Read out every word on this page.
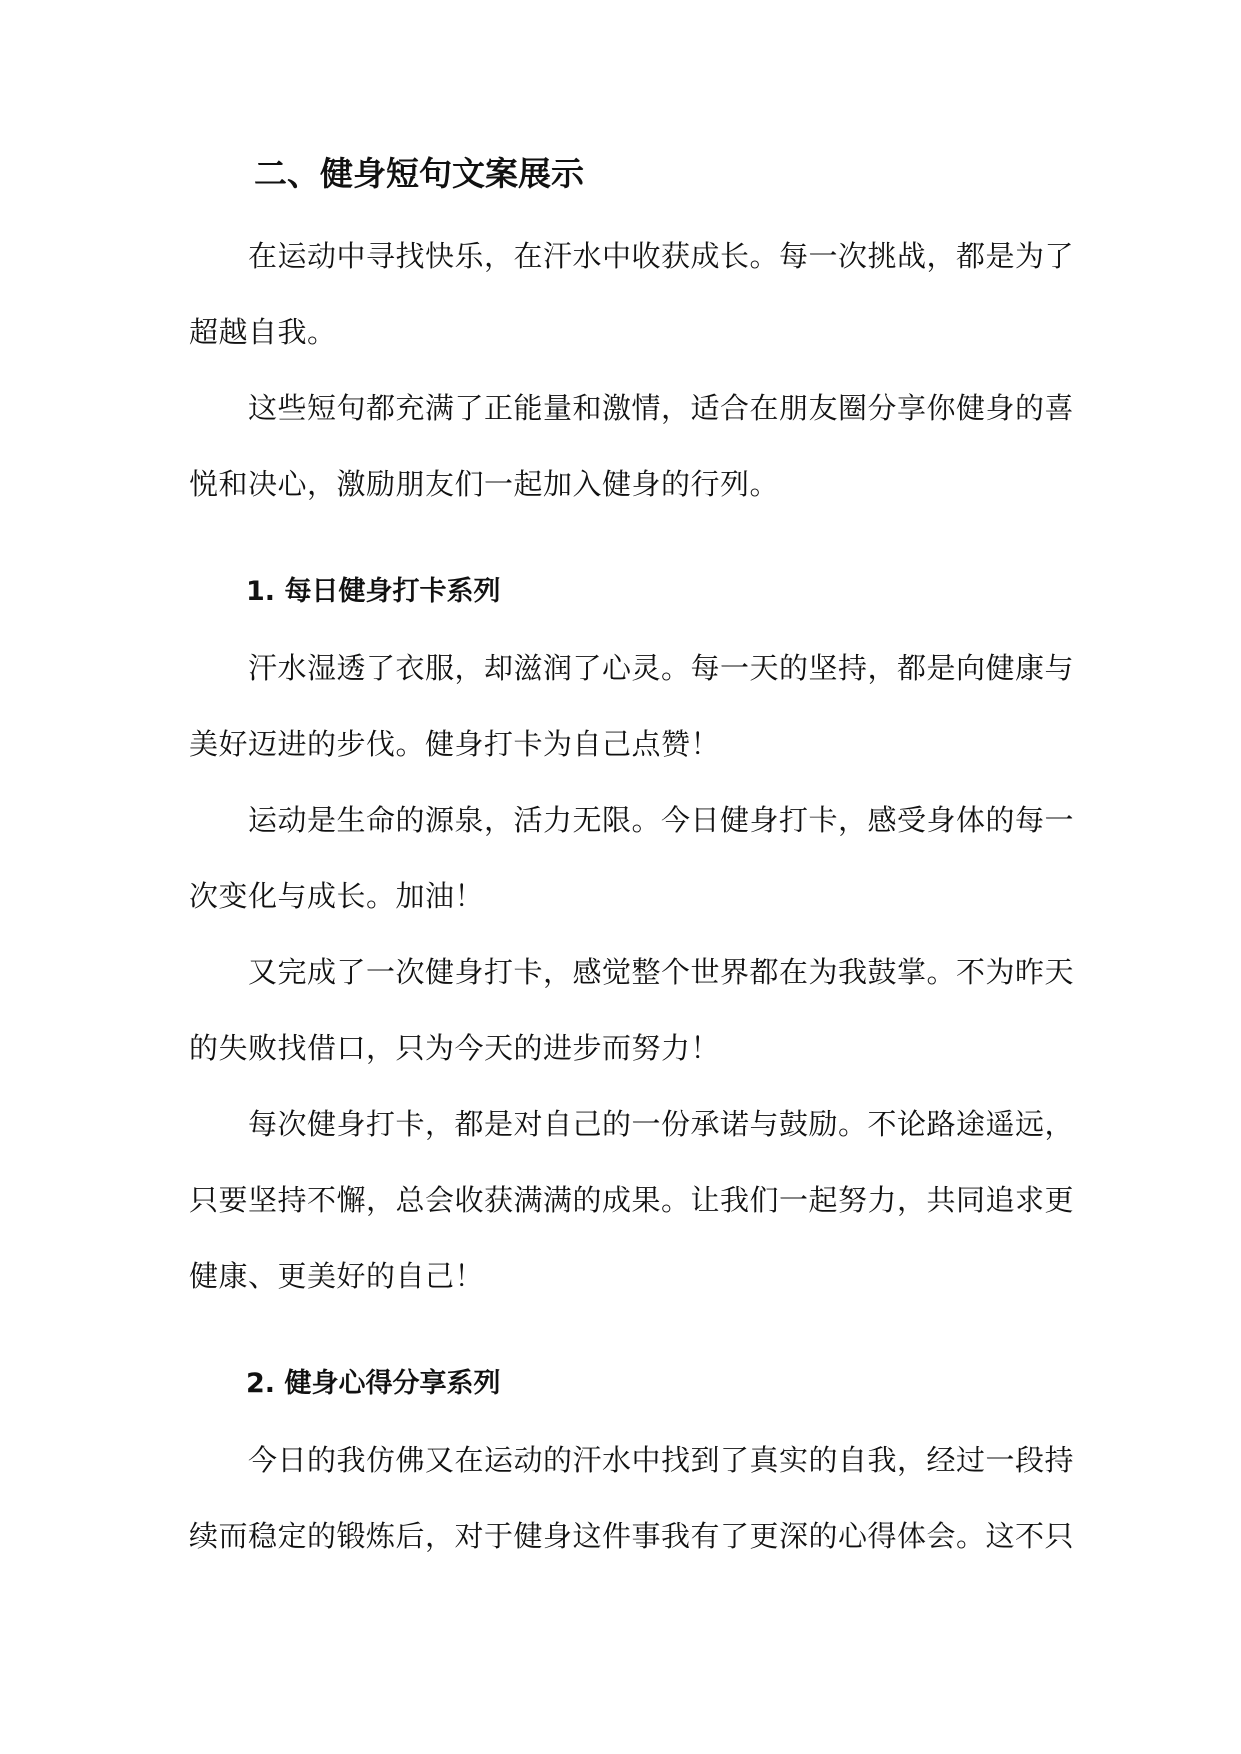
二、健身短句文案展示
在运动中寻找快乐，在汗水中收获成长。每一次挑战，都是为了
超越自我。
这些短句都充满了正能量和激情，适合在朋友圈分享你健身的喜
悦和决心，激励朋友们一起加入健身的行列。
1. 每日健身打卡系列
汗水湿透了衣服，却滋润了心灵。每一天的坚持，都是向健康与
美好迈进的步伐。健身打卡为自己点赞！
运动是生命的源泉，活力无限。今日健身打卡，感受身体的每一
次变化与成长。加油！
又完成了一次健身打卡，感觉整个世界都在为我鼓掌。不为昨天
的失败找借口，只为今天的进步而努力！
每次健身打卡，都是对自己的一份承诺与鼓励。不论路途遥远，
只要坚持不懈，总会收获满满的成果。让我们一起努力，共同追求更
健康、更美好的自己！
2. 健身心得分享系列
今日的我仿佛又在运动的汗水中找到了真实的自我，经过一段持
续而稳定的锻炼后，对于健身这件事我有了更深的心得体会。这不只
